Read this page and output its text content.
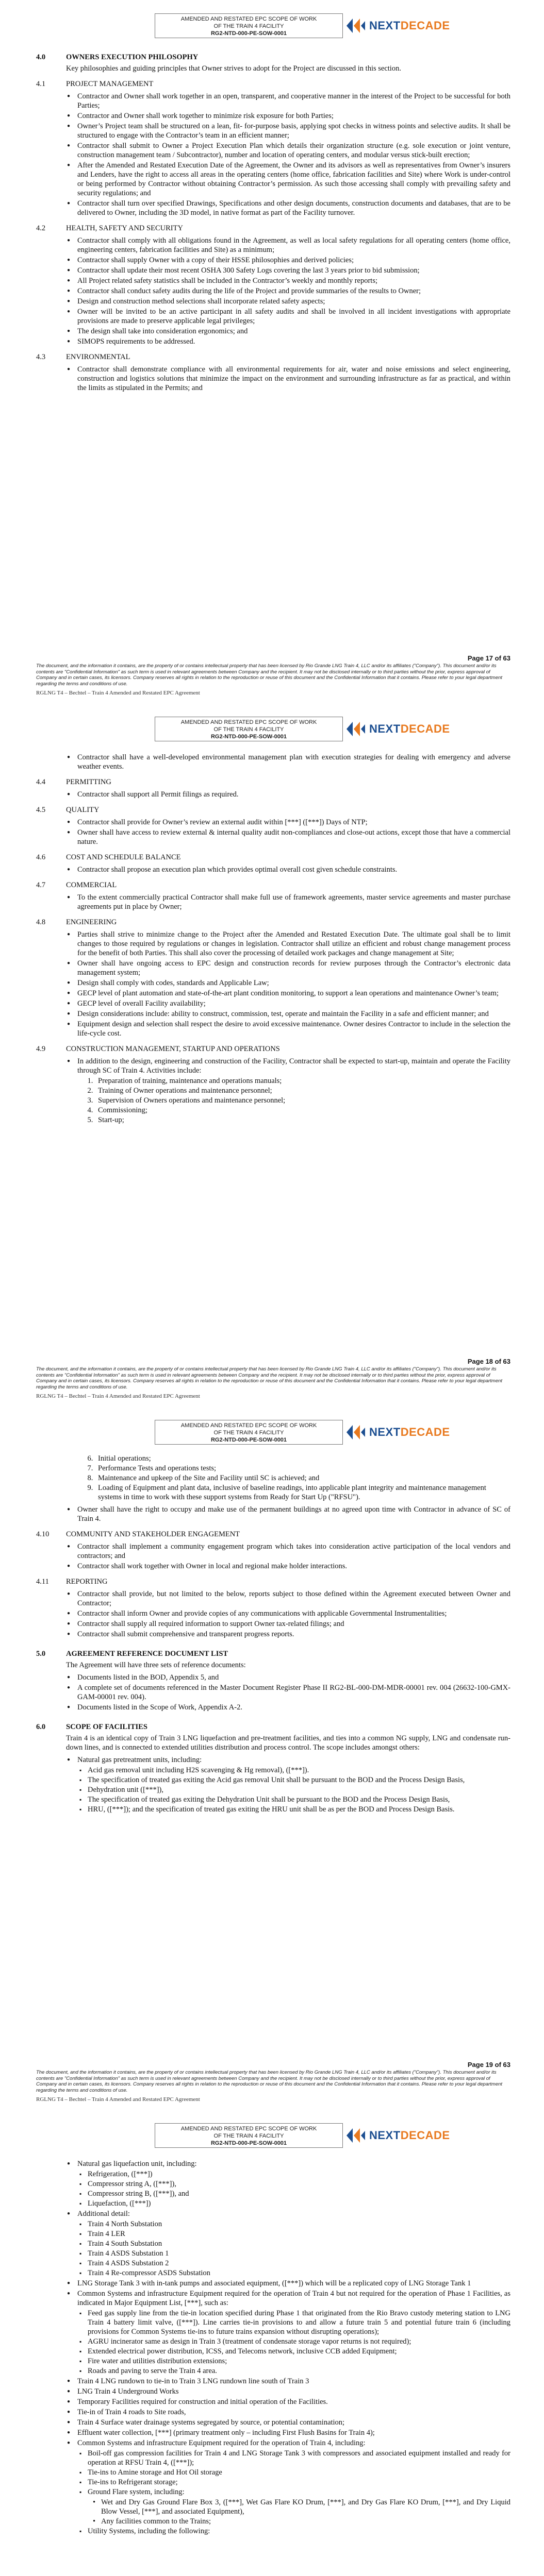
AMENDED AND RESTATED EPC SCOPE OF WORK
OF THE TRAIN 4 FACILITY
RG2-NTD-000-PE-SOW-0001
NEXT DECADE
4.0	OWNERS EXECUTION PHILOSOPHY
Key philosophies and guiding principles that Owner strives to adopt for the Project are discussed in this section.
4.1	PROJECT MANAGEMENT
● Contractor and Owner shall work together in an open, transparent, and cooperative manner in the interest of the Project to be successful for both Parties;
● Contractor and Owner shall work together to minimize risk exposure for both Parties;
● Owner’s Project team shall be structured on a lean, fit- for-purpose basis, applying spot checks in witness points and selective audits. It shall be structured to engage with the Contractor’s team in an efficient manner;
● Contractor shall submit to Owner a Project Execution Plan which details their organization structure (e.g. sole execution or joint venture, construction management team / Subcontractor), number and location of operating centers, and modular versus stick-built erection;
● After the Amended and Restated Execution Date of the Agreement, the Owner and its advisors as well as representatives from Owner’s insurers and Lenders, have the right to access all areas in the operating centers (home office, fabrication facilities and Site) where Work is under-control or being performed by Contractor without obtaining Contractor’s permission. As such those accessing shall comply with prevailing safety and security regulations; and
● Contractor shall turn over specified Drawings, Specifications and other design documents, construction documents and databases, that are to be delivered to Owner, including the 3D model, in native format as part of the Facility turnover.
4.2	HEALTH, SAFETY AND SECURITY
● Contractor shall comply with all obligations found in the Agreement, as well as local safety regulations for all operating centers (home office, engineering centers, fabrication facilities and Site) as a minimum;
● Contractor shall supply Owner with a copy of their HSSE philosophies and derived policies;
● Contractor shall update their most recent OSHA 300 Safety Logs covering the last 3 years prior to bid submission;
● All Project related safety statistics shall be included in the Contractor’s weekly and monthly reports;
● Contractor shall conduct safety audits during the life of the Project and provide summaries of the results to Owner;
● Design and construction method selections shall incorporate related safety aspects;
● Owner will be invited to be an active participant in all safety audits and shall be involved in all incident investigations with appropriate provisions are made to preserve applicable legal privileges;
● The design shall take into consideration ergonomics; and
● SIMOPS requirements to be addressed.
4.3	ENVIRONMENTAL
● Contractor shall demonstrate compliance with all environmental requirements for air, water and noise emissions and select engineering, construction and logistics solutions that minimize the impact on the environment and surrounding infrastructure as far as practical, and within the limits as stipulated in the Permits; and
Page 17 of 63
The document, and the information it contains, are the property of or contains intellectual property that has been licensed by Rio Grande LNG Train 4, LLC and/or its affiliates ("Company"). This document and/or its contents are "Confidential Information" as such term is used in relevant agreements between Company and the recipient. It may not be disclosed internally or to third parties without the prior, express approval of Company and in certain cases, its licensors. Company reserves all rights in relation to the reproduction or reuse of this document and the Confidential Information that it contains. Please refer to your legal department regarding the terms and conditions of use.
RGLNG T4 – Bechtel – Train 4 Amended and Restated EPC Agreement
AMENDED AND RESTATED EPC SCOPE OF WORK
OF THE TRAIN 4 FACILITY
RG2-NTD-000-PE-SOW-0001
NEXT DECADE
● Contractor shall have a well-developed environmental management plan with execution strategies for dealing with emergency and adverse weather events.
4.4	PERMITTING
● Contractor shall support all Permit filings as required.
4.5	QUALITY
● Contractor shall provide for Owner’s review an external audit within [***] ([***]) Days of NTP;
● Owner shall have access to review external & internal quality audit non-compliances and close-out actions, except those that have a commercial nature.
4.6	COST AND SCHEDULE BALANCE
● Contractor shall propose an execution plan which provides optimal overall cost given schedule constraints.
4.7	COMMERCIAL
● To the extent commercially practical Contractor shall make full use of framework agreements, master service agreements and master purchase agreements put in place by Owner;
4.8	ENGINEERING
● Parties shall strive to minimize change to the Project after the Amended and Restated Execution Date. The ultimate goal shall be to limit changes to those required by regulations or changes in legislation. Contractor shall utilize an efficient and robust change management process for the benefit of both Parties. This shall also cover the processing of detailed work packages and change management at Site;
● Owner shall have ongoing access to EPC design and construction records for review purposes through the Contractor’s electronic data management system;
● Design shall comply with codes, standards and Applicable Law;
● GECP level of plant automation and state-of-the-art plant condition monitoring, to support a lean operations and maintenance Owner’s team;
● GECP level of overall Facility availability;
● Design considerations include: ability to construct, commission, test, operate and maintain the Facility in a safe and efficient manner; and
● Equipment design and selection shall respect the desire to avoid excessive maintenance. Owner desires Contractor to include in the selection the life-cycle cost.
4.9	CONSTRUCTION MANAGEMENT, STARTUP AND OPERATIONS
● In addition to the design, engineering and construction of the Facility, Contractor shall be expected to start-up, maintain and operate the Facility through SC of Train 4. Activities include:
1. Preparation of training, maintenance and operations manuals;
2. Training of Owner operations and maintenance personnel;
3. Supervision of Owners operations and maintenance personnel;
4. Commissioning;
5. Start-up;
Page 18 of 63
The document, and the information it contains, are the property of or contains intellectual property that has been licensed by Rio Grande LNG Train 4, LLC and/or its affiliates ("Company"). This document and/or its contents are "Confidential Information" as such term is used in relevant agreements between Company and the recipient. It may not be disclosed internally or to third parties without the prior, express approval of Company and in certain cases, its licensors. Company reserves all rights in relation to the reproduction or reuse of this document and the Confidential Information that it contains. Please refer to your legal department regarding the terms and conditions of use.
RGLNG T4 – Bechtel – Train 4 Amended and Restated EPC Agreement
AMENDED AND RESTATED EPC SCOPE OF WORK
OF THE TRAIN 4 FACILITY
RG2-NTD-000-PE-SOW-0001
NEXT DECADE
6. Initial operations;
7. Performance Tests and operations tests;
8. Maintenance and upkeep of the Site and Facility until SC is achieved; and
9. Loading of Equipment and plant data, inclusive of baseline readings, into applicable plant integrity and maintenance management systems in time to work with these support systems from Ready for Start Up ("RFSU").
● Owner shall have the right to occupy and make use of the permanent buildings at no agreed upon time with Contractor in advance of SC of Train 4.
4.10	COMMUNITY AND STAKEHOLDER ENGAGEMENT
● Contractor shall implement a community engagement program which takes into consideration active participation of the local vendors and contractors; and
● Contractor shall work together with Owner in local and regional make holder interactions.
4.11	REPORTING
● Contractor shall provide, but not limited to the below, reports subject to those defined within the Agreement executed between Owner and Contractor;
● Contractor shall inform Owner and provide copies of any communications with applicable Governmental Instrumentalities;
● Contractor shall supply all required information to support Owner tax-related filings; and
● Contractor shall submit comprehensive and transparent progress reports.
5.0	AGREEMENT REFERENCE DOCUMENT LIST
The Agreement will have three sets of reference documents:
● Documents listed in the BOD, Appendix 5, and
● A complete set of documents referenced in the Master Document Register Phase II RG2-BL-000-DM-MDR-00001 rev. 004 (26632-100-GMX-GAM-00001 rev. 004).
● Documents listed in the Scope of Work, Appendix A-2.
6.0	SCOPE OF FACILITIES
Train 4 is an identical copy of Train 3 LNG liquefaction and pre-treatment facilities, and ties into a common NG supply, LNG and condensate run-down lines, and is connected to extended utilities distribution and process control. The scope includes amongst others:
● Natural gas pretreatment units, including:
▪ Acid gas removal unit including H2S scavenging & Hg removal), ([***]).
▪ The specification of treated gas exiting the Acid gas removal Unit shall be pursuant to the BOD and the Process Design Basis,
▪ Dehydration unit ([***]),
▪ The specification of treated gas exiting the Dehydration Unit shall be pursuant to the BOD and the Process Design Basis,
▪ HRU, ([***]); and the specification of treated gas exiting the HRU unit shall be as per the BOD and Process Design Basis.
Page 19 of 63
The document, and the information it contains, are the property of or contains intellectual property that has been licensed by Rio Grande LNG Train 4, LLC and/or its affiliates ("Company"). This document and/or its contents are "Confidential Information" as such term is used in relevant agreements between Company and the recipient. It may not be disclosed internally or to third parties without the prior, express approval of Company and in certain cases, its licensors. Company reserves all rights in relation to the reproduction or reuse of this document and the Confidential Information that it contains. Please refer to your legal department regarding the terms and conditions of use.
RGLNG T4 – Bechtel – Train 4 Amended and Restated EPC Agreement
AMENDED AND RESTATED EPC SCOPE OF WORK
OF THE TRAIN 4 FACILITY
RG2-NTD-000-PE-SOW-0001
NEXT DECADE
● Natural gas liquefaction unit, including:
▪ Refrigeration, ([***])
▪ Compressor string A, ([***]),
▪ Compressor string B, ([***]), and
▪ Liquefaction, ([***])
● Additional detail:
▪ Train 4 North Substation
▪ Train 4 LER
▪ Train 4 South Substation
▪ Train 4 ASDS Substation 1
▪ Train 4 ASDS Substation 2
▪ Train 4 Re-compressor ASDS Substation
● LNG Storage Tank 3 with in-tank pumps and associated equipment, ([***]) which will be a replicated copy of LNG Storage Tank 1
● Common Systems and infrastructure Equipment required for the operation of Train 4 but not required for the operation of Phase 1 Facilities, as indicated in Major Equipment List, [***], such as:
▪ Feed gas supply line from the tie-in location specified during Phase 1 that originated from the Rio Bravo custody metering station to LNG Train 4 battery limit valve, ([***]). Line carries tie-in provisions to and allow a future train 5 and potential future train 6 (including provisions for Common Systems tie-ins to future trains expansion without disrupting operations);
▪ AGRU incinerator same as design in Train 3 (treatment of condensate storage vapor returns is not required);
▪ Extended electrical power distribution, ICSS, and Telecoms network, inclusive CCB added Equipment;
▪ Fire water and utilities distribution extensions;
▪ Roads and paving to serve the Train 4 area.
● Train 4 LNG rundown to tie-in to Train 3 LNG rundown line south of Train 3
● LNG Train 4 Underground Works
● Temporary Facilities required for construction and initial operation of the Facilities.
● Tie-in of Train 4 roads to Site roads,
● Train 4 Surface water drainage systems segregated by source, or potential contamination;
● Effluent water collection, [***] (primary treatment only – including First Flush Basins for Train 4);
● Common Systems and infrastructure Equipment required for the operation of Train 4, including:
▪ Boil-off gas compression facilities for Train 4 and LNG Storage Tank 3 with compressors and associated equipment installed and ready for operation at RFSU Train 4, ([***]);
▪ Tie-ins to Amine storage and Hot Oil storage
▪ Tie-ins to Refrigerant storage;
▪ Ground Flare system, including:
• Wet and Dry Gas Ground Flare Box 3, ([***], Wet Gas Flare KO Drum, [***], and Dry Gas Flare KO Drum, [***], and Dry Liquid Blow Vessel, [***], and associated Equipment),
• Any facilities common to the Trains;
▪ Utility Systems, including the following:
